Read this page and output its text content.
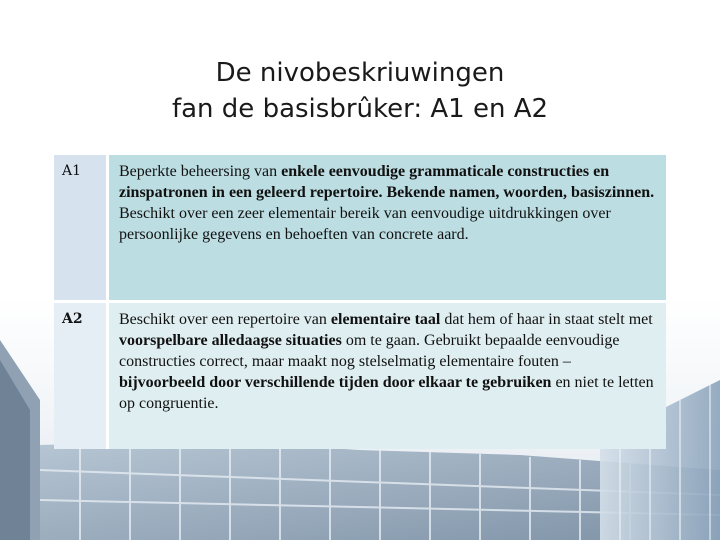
De nivobeskriuwingen
fan de basisbrûker: A1 en A2
A1	Beperkte beheersing van enkele eenvoudige grammaticale constructies en zinspatronen in een geleerd repertoire. Bekende namen, woorden, basiszinnen. Beschikt over een zeer elementair bereik van eenvoudige uitdrukkingen over persoonlijke gegevens en behoeften van concrete aard.
A2	Beschikt over een repertoire van elementaire taal dat hem of haar in staat stelt met voorspelbare alledaagse situaties om te gaan. Gebruikt bepaalde eenvoudige constructies correct, maar maakt nog stelselmatig elementaire fouten – bijvoorbeeld door verschillende tijden door elkaar te gebruiken en niet te letten op congruentie.
